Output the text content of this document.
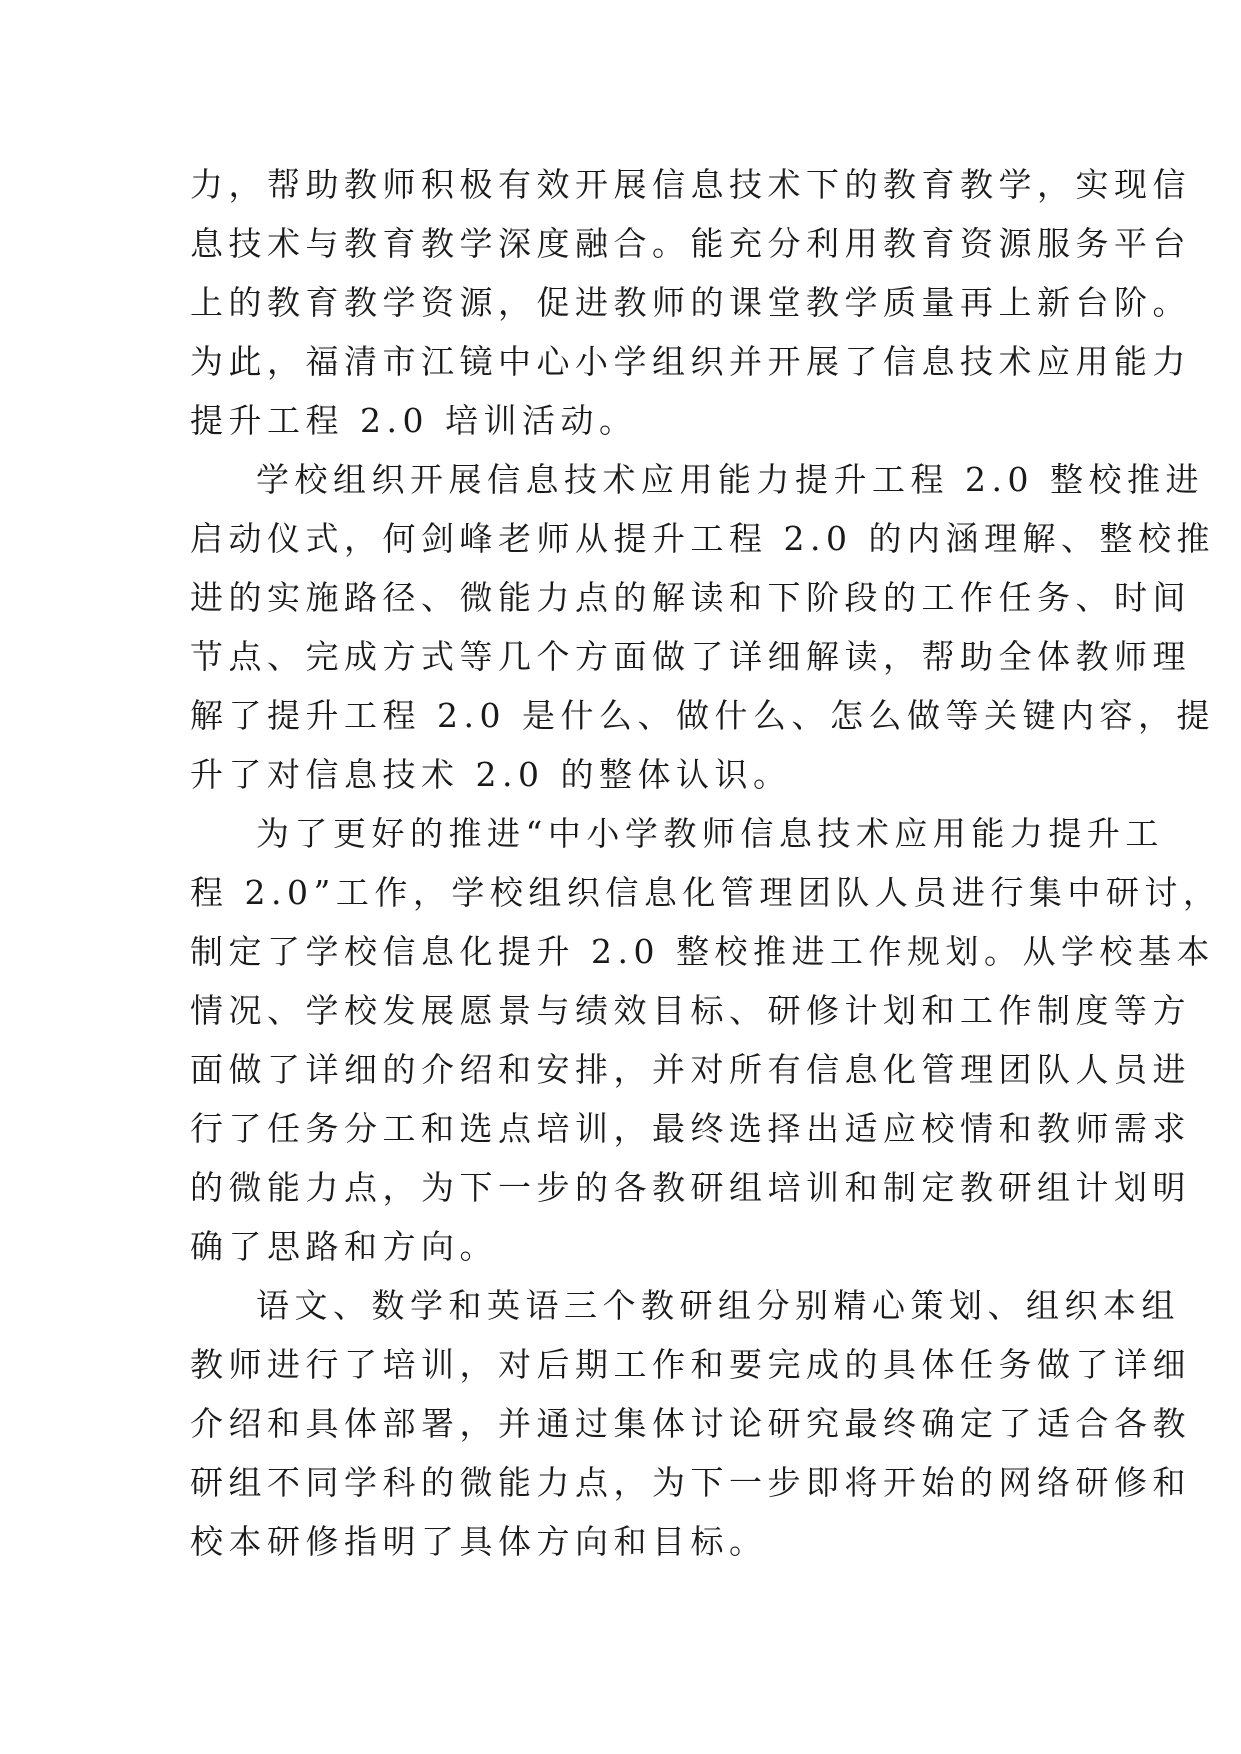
力，帮助教师积极有效开展信息技术下的教育教学，实现信

息技术与教育教学深度融合。能充分利用教育资源服务平台

上的教育教学资源，促进教师的课堂教学质量再上新台阶。

为此，福清市江镜中心小学组织并开展了信息技术应用能力

提升工程 2.0 培训活动。

学校组织开展信息技术应用能力提升工程 2.0 整校推进

启动仪式，何剑峰老师从提升工程 2.0 的内涵理解、整校推

进的实施路径、微能力点的解读和下阶段的工作任务、时间

节点、完成方式等几个方面做了详细解读，帮助全体教师理

解了提升工程 2.0 是什么、做什么、怎么做等关键内容，提

升了对信息技术 2.0 的整体认识。

为了更好的推进“中小学教师信息技术应用能力提升工

程 2.0”工作，学校组织信息化管理团队人员进行集中研讨，

制定了学校信息化提升 2.0 整校推进工作规划。从学校基本

情况、学校发展愿景与绩效目标、研修计划和工作制度等方

面做了详细的介绍和安排，并对所有信息化管理团队人员进

行了任务分工和选点培训，最终选择出适应校情和教师需求

的微能力点，为下一步的各教研组培训和制定教研组计划明

确了思路和方向。

语文、数学和英语三个教研组分别精心策划、组织本组

教师进行了培训，对后期工作和要完成的具体任务做了详细

介绍和具体部署，并通过集体讨论研究最终确定了适合各教

研组不同学科的微能力点，为下一步即将开始的网络研修和

校本研修指明了具体方向和目标。
